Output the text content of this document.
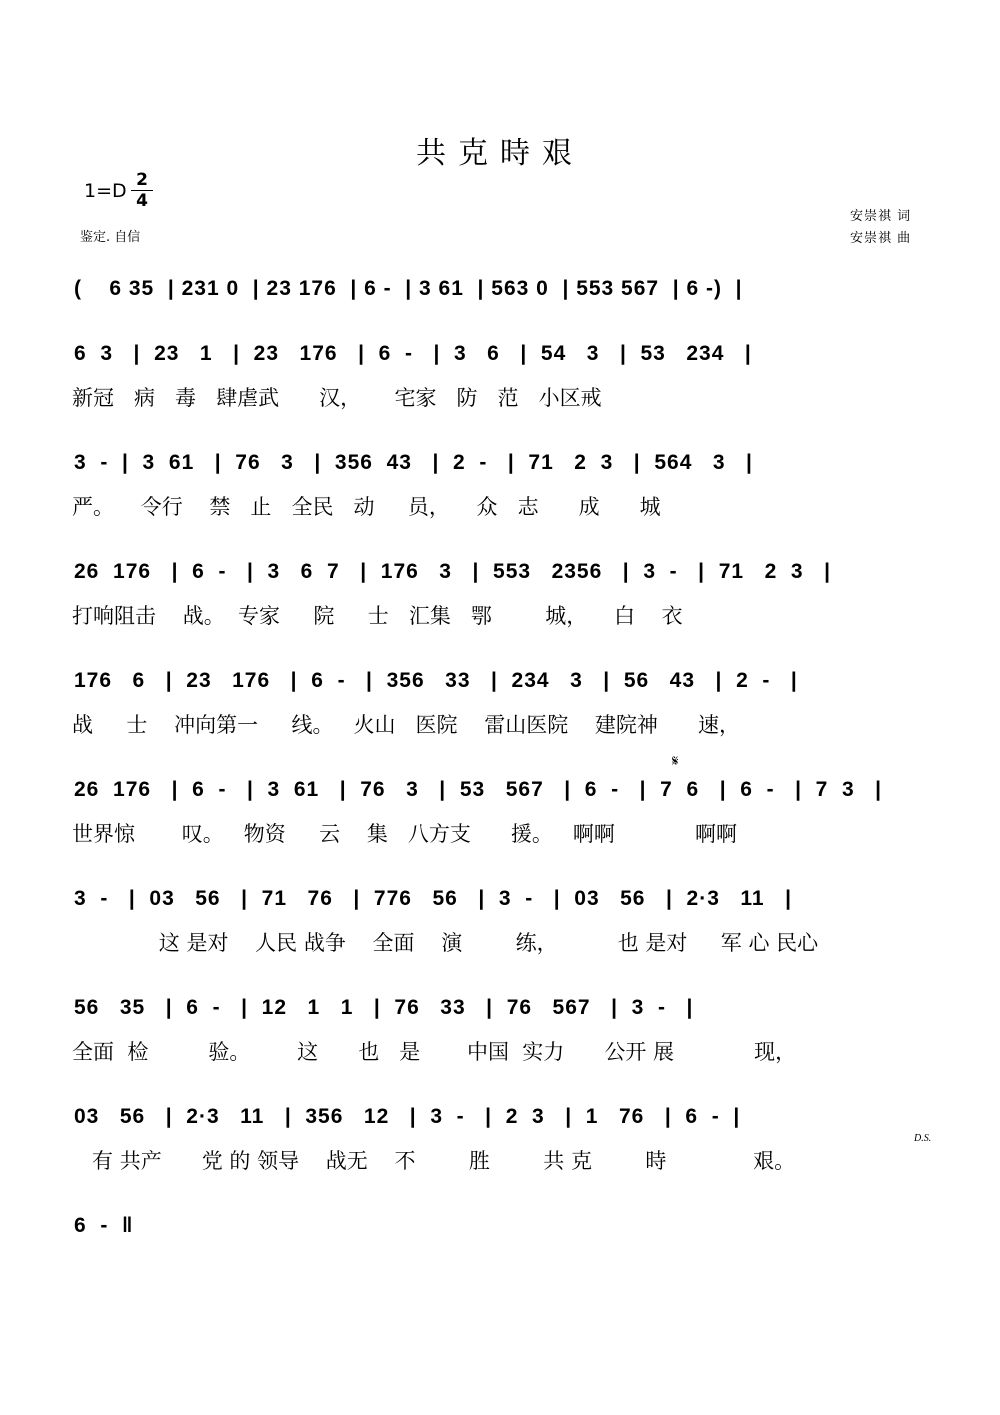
共克時艰
$1=D \frac{2}{4}$
鉴定. 自信
安崇祺 词
安崇祺 曲
(    6 35  | 231 0  | 23 176  | 6 -  | 3 61  | 563 0  | 553 567  | 6 -)  |
6  3   |  23   1   |  23   176   |  6  -   |  3   6   |  54   3   |  53   234   |
新冠   病   毒   肆虐武      汉，     宅家   防   范   小区戒
3  -  |  3  61   |  76   3   |  356  43   |  2  -   |  71   2  3   |  564   3   |
严。    令行    禁   止   全民   动     员，    众   志      成      城
26  176   |  6  -   |  3   6  7   |  176   3   |  553   2356   |  3  -   |  71   2  3   |
打响阻击    战。  专家     院     士   汇集   鄂        城，    白    衣
176   6   |  23   176   |  6  -   |  356   33   |  234   3   |  56   43   |  2  -   |
战     士    冲向第一     线。   火山   医院    雷山医院    建院神      速，
𝄋
26  176   |  6  -   |  3  61   |  76   3   |  53   567   |  6  -   |  7  6   |  6  -   |  7  3   |
世界惊       叹。   物资     云    集   八方支      援。   啊啊            啊啊
3  -   |  03   56   |  71   76   |  776   56   |  3  -   |  03   56   |  2·3   11   |
这 是对    人民 战争    全面    演        练，         也 是对     军 心 民心
56   35   |  6  -   |  12   1   1   |  76   33   |  76   567   |  3  -   |
全面  检         验。       这      也   是       中国  实力      公开 展            现，
03   56   |  2·3   11   |  356   12   |  3  -   |  2  3   |  1   76   |  6  -  |
D.S.
有 共产      党 的 领导    战无    不        胜        共 克        時             艰。
6  -  ‖
